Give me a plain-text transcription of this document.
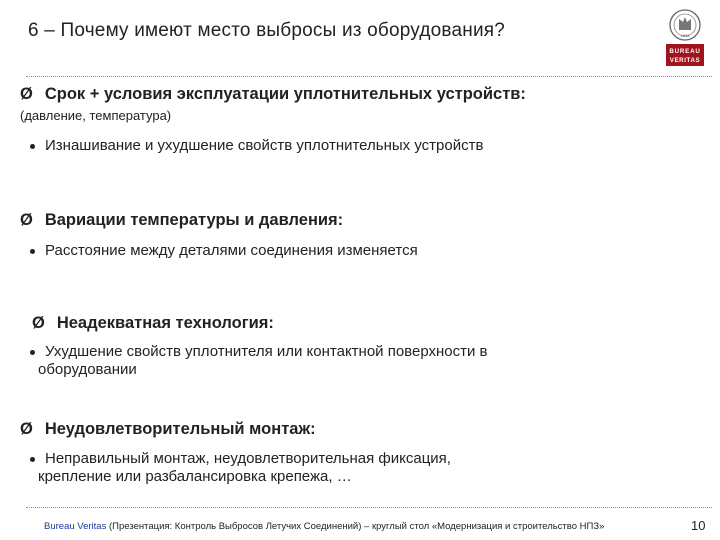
6 – Почему имеют место выбросы из оборудования?	1828
BUREAU
VERITAS
Ø Срок + условия эксплуатации уплотнительных устройств:
(давление, температура)
Изнашивание и ухудшение свойств уплотнительных устройств
Ø Вариации температуры и давления:
Расстояние между деталями соединения изменяется
Ø Неадекватная технология:
Ухудшение свойств уплотнителя или контактной поверхности в
оборудовании
Ø Неудовлетворительный монтаж:
Неправильный монтаж, неудовлетворительная фиксация,
крепление или разбалансировка крепежа, …
Bureau Veritas (Презентация: Контроль Выбросов Летучих Соединений) – круглый стол «Модернизация и строительство НПЗ»	10
